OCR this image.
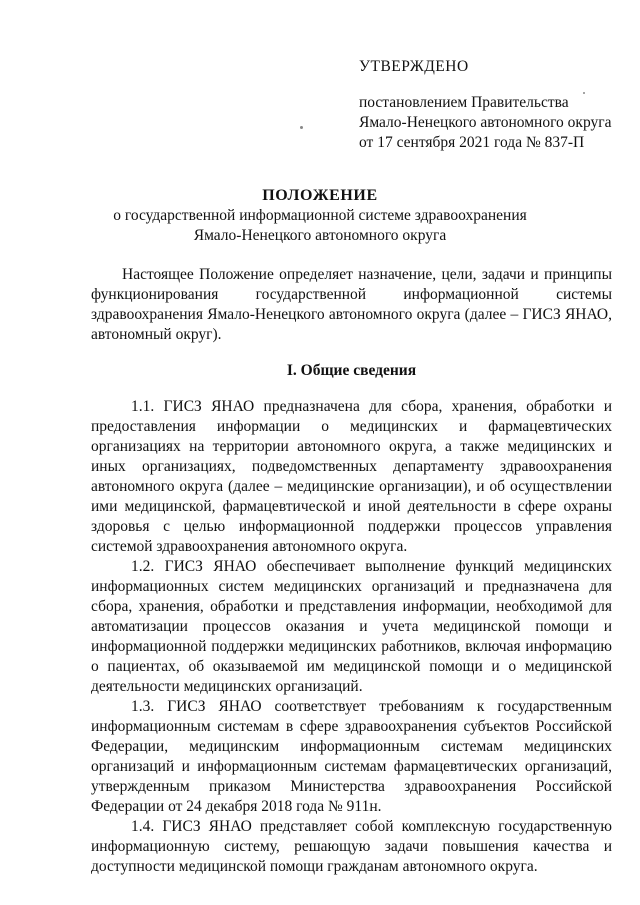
УТВЕРЖДЕНО
постановлением Правительства
Ямало-Ненецкого автономного округа
от 17 сентября 2021 года № 837-П
ПОЛОЖЕНИЕ
о государственной информационной системе здравоохранения
Ямало-Ненецкого автономного округа

Настоящее Положение определяет назначение, цели, задачи и принципы функционирования государственной информационной системы здравоохранения Ямало-Ненецкого автономного округа (далее – ГИСЗ ЯНАО, автономный округ).

I. Общие сведения

1.1. ГИСЗ ЯНАО предназначена для сбора, хранения, обработки и предоставления информации о медицинских и фармацевтических организациях на территории автономного округа, а также медицинских и иных организациях, подведомственных департаменту здравоохранения автономного округа (далее – медицинские организации), и об осуществлении ими медицинской, фармацевтической и иной деятельности в сфере охраны здоровья с целью информационной поддержки процессов управления системой здравоохранения автономного округа.

1.2. ГИСЗ ЯНАО обеспечивает выполнение функций медицинских информационных систем медицинских организаций и предназначена для сбора, хранения, обработки и представления информации, необходимой для автоматизации процессов оказания и учета медицинской помощи и информационной поддержки медицинских работников, включая информацию о пациентах, об оказываемой им медицинской помощи и о медицинской деятельности медицинских организаций.

1.3. ГИСЗ ЯНАО соответствует требованиям к государственным информационным системам в сфере здравоохранения субъектов Российской Федерации, медицинским информационным системам медицинских организаций и информационным системам фармацевтических организаций, утвержденным приказом Министерства здравоохранения Российской Федерации от 24 декабря 2018 года № 911н.

1.4. ГИСЗ ЯНАО представляет собой комплексную государственную информационную систему, решающую задачи повышения качества и доступности медицинской помощи гражданам автономного округа.
